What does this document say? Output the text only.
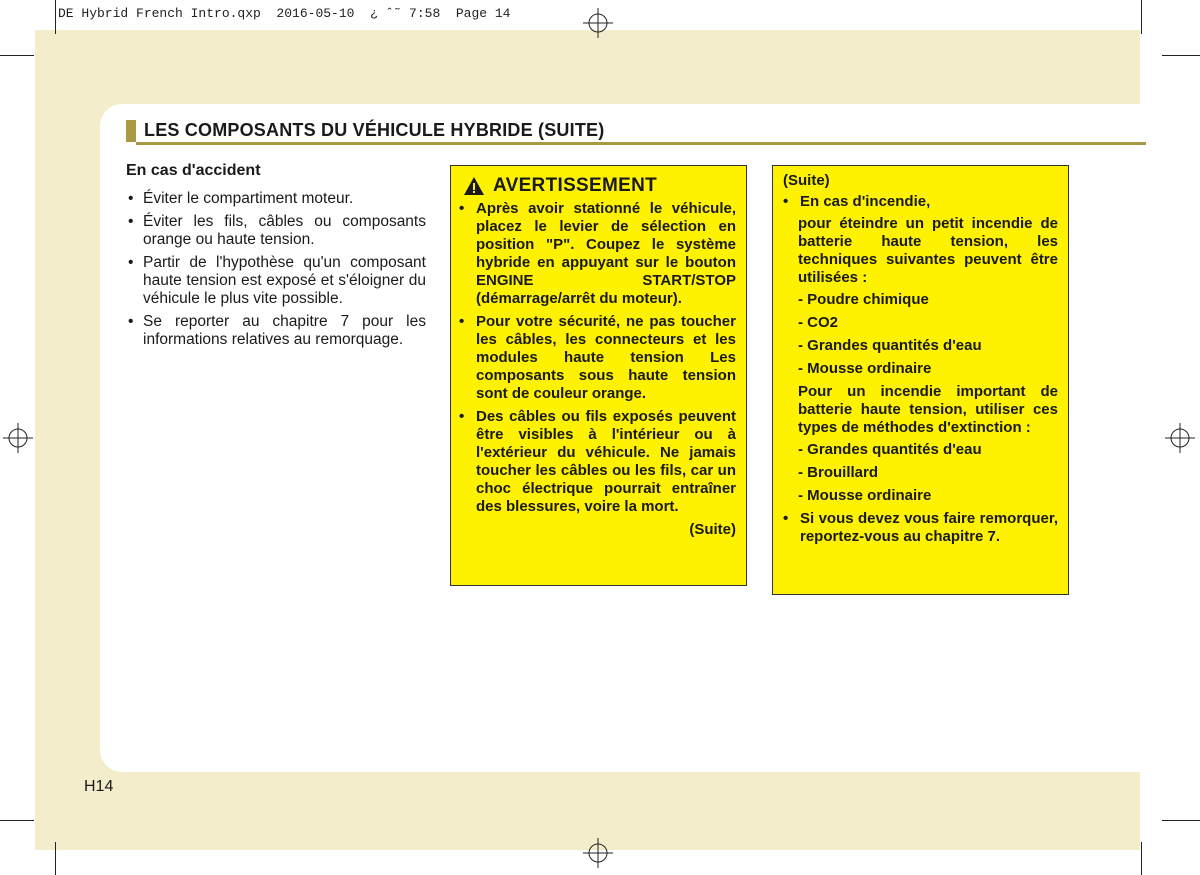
DE Hybrid French Intro.qxp  2016-05-10  ¿ ˆ˜ 7:58  Page 14
LES COMPOSANTS DU VÉHICULE HYBRIDE (SUITE)
En cas d'accident
• Éviter le compartiment moteur.
• Éviter les fils, câbles ou composants orange ou haute tension.
• Partir de l'hypothèse qu'un composant haute tension est exposé et s'éloigner du véhicule le plus vite possible.
• Se reporter au chapitre 7 pour les informations relatives au remorquage.
AVERTISSEMENT
• Après avoir stationné le véhicule, placez le levier de sélection en position "P". Coupez le système hybride en appuyant sur le bouton ENGINE START/STOP (démarrage/arrêt du moteur).
• Pour votre sécurité, ne pas toucher les câbles, les connecteurs et les modules haute tension Les composants sous haute tension sont de couleur orange.
• Des câbles ou fils exposés peuvent être visibles à l'intérieur ou à l'extérieur du véhicule. Ne jamais toucher les câbles ou les fils, car un choc électrique pourrait entraîner des blessures, voire la mort.
(Suite)
(Suite)
• En cas d'incendie,
pour éteindre un petit incendie de batterie haute tension, les techniques suivantes peuvent être utilisées :
- Poudre chimique
- CO2
- Grandes quantités d'eau
- Mousse ordinaire
Pour un incendie important de batterie haute tension, utiliser ces types de méthodes d'extinction :
- Grandes quantités d'eau
- Brouillard
- Mousse ordinaire
• Si vous devez vous faire remorquer, reportez-vous au chapitre 7.
H14
